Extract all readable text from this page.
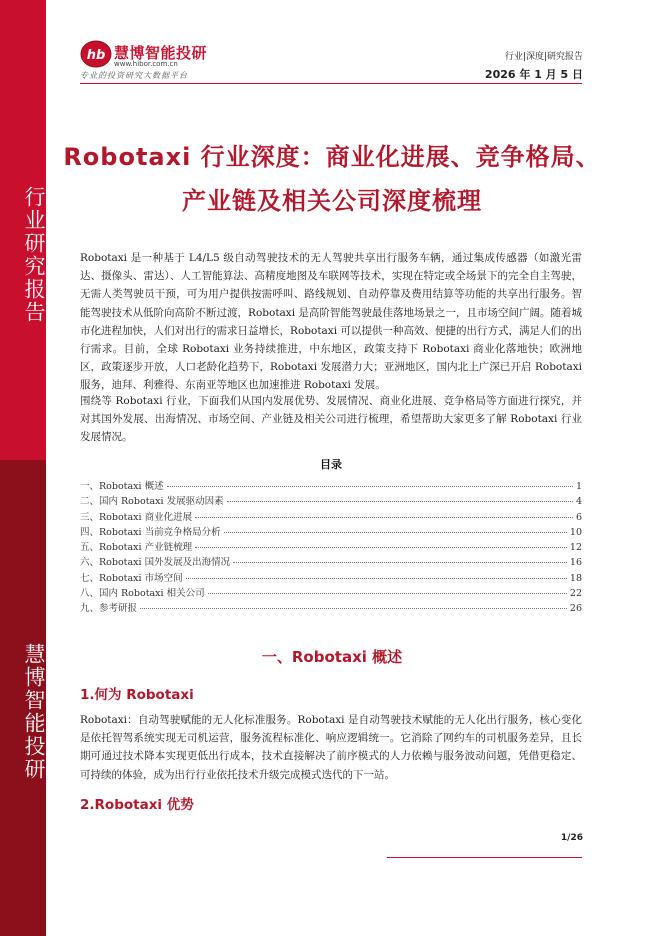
行业研究报告
慧博智能投研
hb 慧博智能投研
www.hibor.com.cn
专业的投资研究大数据平台
行业|深度|研究报告
2026 年 1 月 5 日
Robotaxi 行业深度：商业化进展、竞争格局、
产业链及相关公司深度梳理

Robotaxi 是一种基于 L4/L5 级自动驾驶技术的无人驾驶共享出行服务车辆，通过集成传感器（如激光雷达、摄像头、雷达）、人工智能算法、高精度地图及车联网等技术，实现在特定或全场景下的完全自主驾驶，无需人类驾驶员干预，可为用户提供按需呼叫、路线规划、自动停靠及费用结算等功能的共享出行服务。智能驾驶技术从低阶向高阶不断过渡，Robotaxi 是高阶智能驾驶最佳落地场景之一，且市场空间广阔。随着城市化进程加快，人们对出行的需求日益增长，Robotaxi 可以提供一种高效、便捷的出行方式，满足人们的出行需求。目前，全球 Robotaxi 业务持续推进，中东地区，政策支持下 Robotaxi 商业化落地快；欧洲地区，政策逐步开放，人口老龄化趋势下，Robotaxi 发展潜力大；亚洲地区，国内北上广深已开启 Robotaxi 服务，迪拜、利雅得、东南亚等地区也加速推进 Robotaxi 发展。

围绕等 Robotaxi 行业，下面我们从国内发展优势、发展情况、商业化进展、竞争格局等方面进行探究，并对其国外发展、出海情况、市场空间、产业链及相关公司进行梳理，希望帮助大家更多了解 Robotaxi 行业发展情况。

目录
一、Robotaxi 概述	1
二、国内 Robotaxi 发展驱动因素	4
三、Robotaxi 商业化进展	6
四、Robotaxi 当前竞争格局分析	10
五、Robotaxi 产业链梳理	12
六、Robotaxi 国外发展及出海情况	16
七、Robotaxi 市场空间	18
八、国内 Robotaxi 相关公司	22
九、参考研报	26
一、Robotaxi 概述
1.何为 Robotaxi

Robotaxi：自动驾驶赋能的无人化标准服务。Robotaxi 是自动驾驶技术赋能的无人化出行服务，核心变化是依托智驾系统实现无司机运营，服务流程标准化、响应逻辑统一。它消除了网约车的司机服务差异，且长期可通过技术降本实现更低出行成本，技术直接解决了前序模式的人力依赖与服务波动问题，凭借更稳定、可持续的体验，成为出行行业依托技术升级完成模式迭代的下一站。

2.Robotaxi 优势
1/26
